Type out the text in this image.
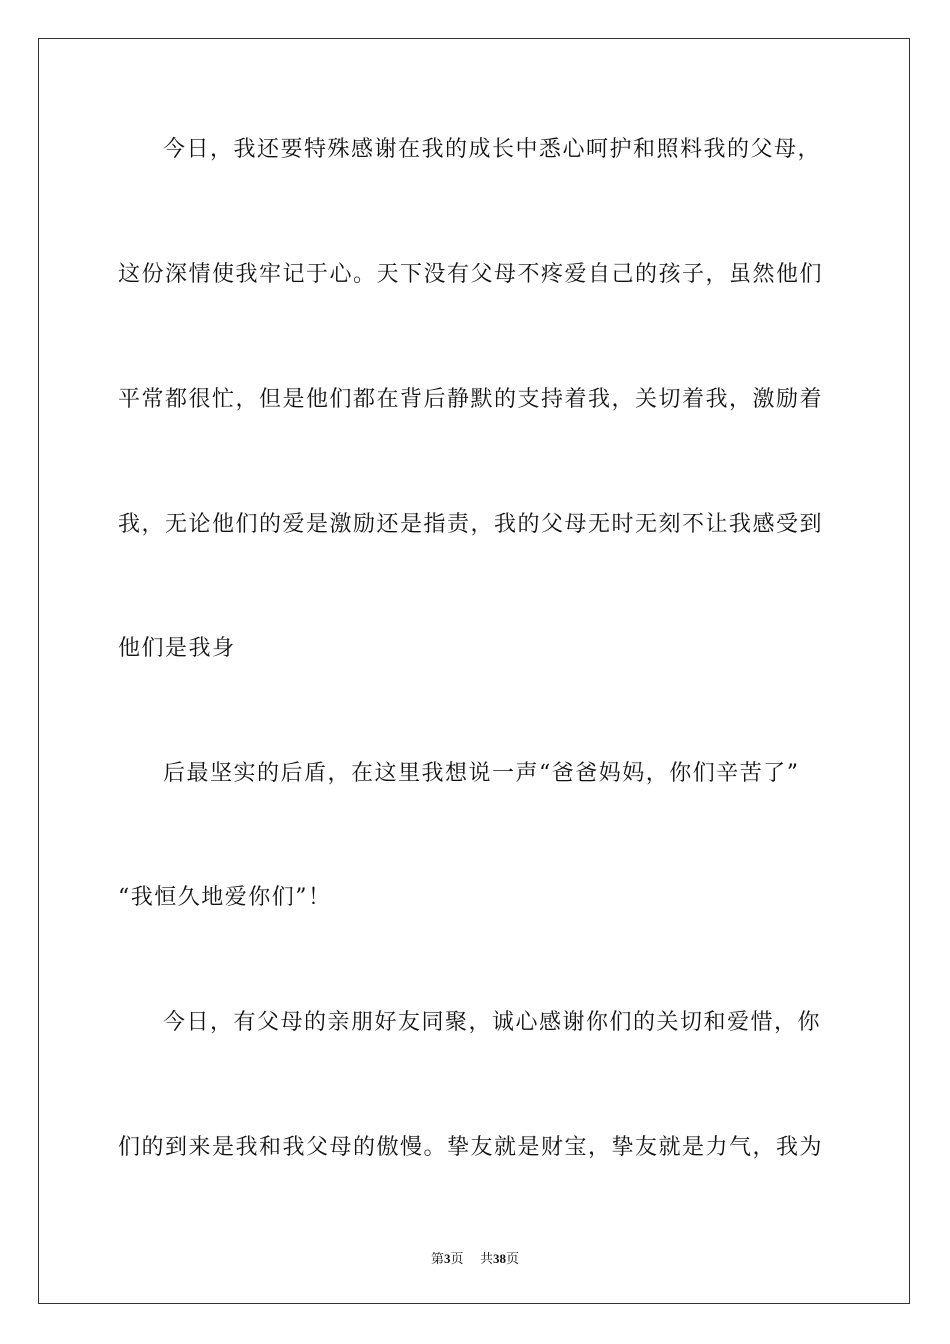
今日，我还要特殊感谢在我的成长中悉心呵护和照料我的父母，
这份深情使我牢记于心。天下没有父母不疼爱自己的孩子，虽然他们
平常都很忙，但是他们都在背后静默的支持着我，关切着我，激励着
我，无论他们的爱是激励还是指责，我的父母无时无刻不让我感受到
他们是我身
后最坚实的后盾，在这里我想说一声“爸爸妈妈，你们辛苦了”
“我恒久地爱你们”！
今日，有父母的亲朋好友同聚，诚心感谢你们的关切和爱惜，你
们的到来是我和我父母的傲慢。挚友就是财宝，挚友就是力气，我为
第3页 共38页
